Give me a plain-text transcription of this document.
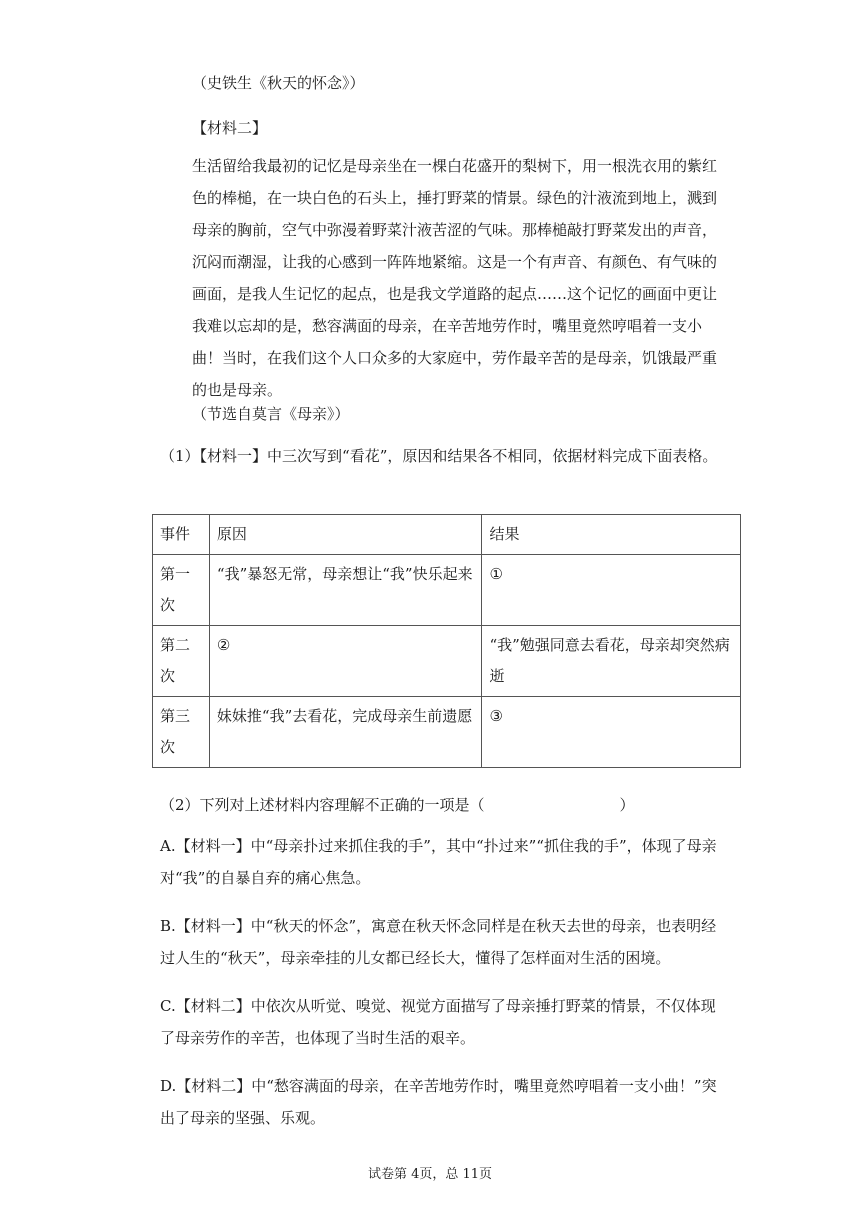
（史铁生《秋天的怀念》）
【材料二】
生活留给我最初的记忆是母亲坐在一棵白花盛开的梨树下，用一根洗衣用的紫红色的棒槌，在一块白色的石头上，捶打野菜的情景。绿色的汁液流到地上，溅到母亲的胸前，空气中弥漫着野菜汁液苦涩的气味。那棒槌敲打野菜发出的声音，沉闷而潮湿，让我的心感到一阵阵地紧缩。这是一个有声音、有颜色、有气味的画面，是我人生记忆的起点，也是我文学道路的起点……这个记忆的画面中更让我难以忘却的是，愁容满面的母亲，在辛苦地劳作时，嘴里竟然哼唱着一支小曲！当时，在我们这个人口众多的大家庭中，劳作最辛苦的是母亲，饥饿最严重的也是母亲。
（节选自莫言《母亲》）
（1）【材料一】中三次写到“看花”，原因和结果各不相同，依据材料完成下面表格。
事件	原因	结果
第一次	“我”暴怒无常，母亲想让“我”快乐起来	①
第二次	②	“我”勉强同意去看花，母亲却突然病逝
第三次	妹妹推“我”去看花，完成母亲生前遗愿	③
（2）下列对上述材料内容理解不正确的一项是（　　　　　　　　　）
A.【材料一】中“母亲扑过来抓住我的手”，其中“扑过来”“抓住我的手”，体现了母亲对“我”的自暴自弃的痛心焦急。
B.【材料一】中“秋天的怀念”，寓意在秋天怀念同样是在秋天去世的母亲，也表明经过人生的“秋天”，母亲牵挂的儿女都已经长大，懂得了怎样面对生活的困境。
C.【材料二】中依次从听觉、嗅觉、视觉方面描写了母亲捶打野菜的情景，不仅体现了母亲劳作的辛苦，也体现了当时生活的艰辛。
D.【材料二】中“愁容满面的母亲，在辛苦地劳作时，嘴里竟然哼唱着一支小曲！”突出了母亲的坚强、乐观。
试卷第 4页，总 11页
